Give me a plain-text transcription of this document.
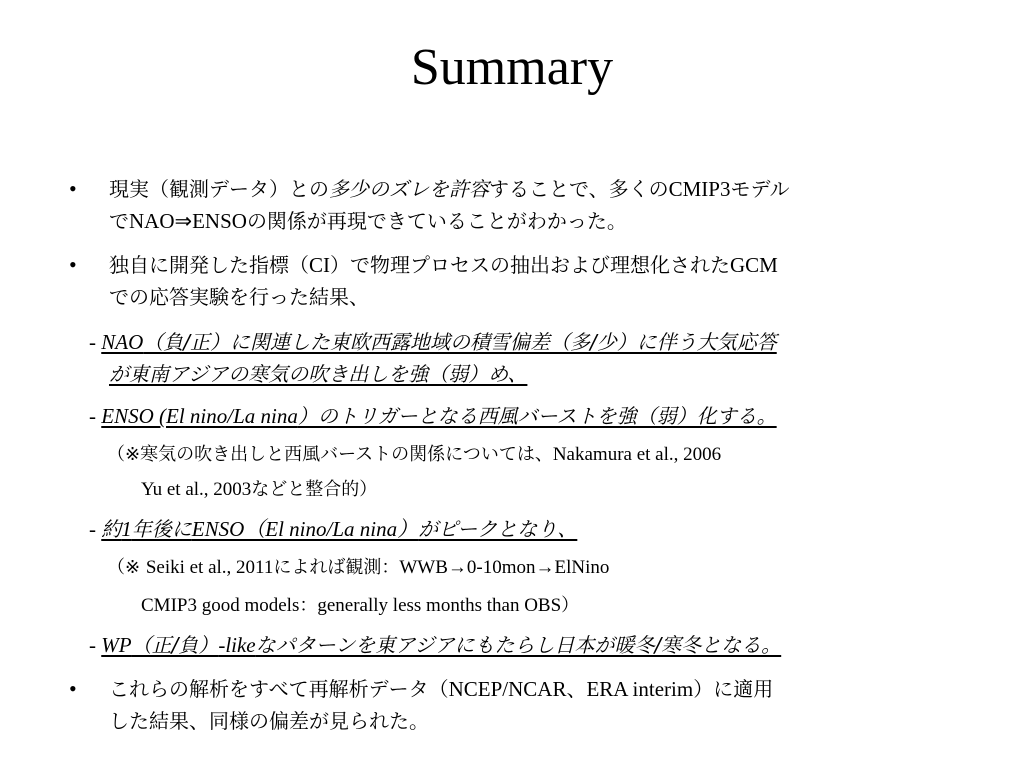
Summary
• 現実（観測データ）との多少のズレを許容することで、多くのCMIP3モデル
でNAO⇒ENSOの関係が再現できていることがわかった。
• 独自に開発した指標（CI）で物理プロセスの抽出および理想化されたGCM
での応答実験を行った結果、
- NAO（負/正）に関連した東欧西露地域の積雪偏差（多/少）に伴う大気応答
が東南アジアの寒気の吹き出しを強（弱）め、
- ENSO (El nino/La nina）のトリガーとなる西風バーストを強（弱）化する。
（※寒気の吹き出しと西風バーストの関係については、Nakamura et al., 2006
Yu et al., 2003などと整合的）
- 約1年後にENSO（El nino/La nina）がピークとなり、
（※ Seiki et al., 2011によれば観測：WWB→0-10mon→ElNino
CMIP3 good models：generally less months than OBS）
- WP（正/負）-likeなパターンを東アジアにもたらし日本が暖冬/寒冬となる。
• これらの解析をすべて再解析データ（NCEP/NCAR、ERA interim）に適用
した結果、同様の偏差が見られた。
